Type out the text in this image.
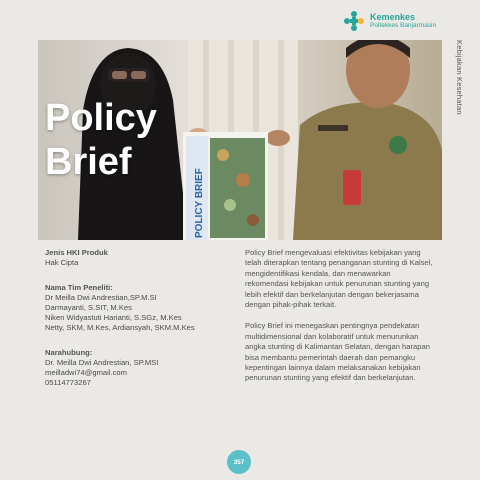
Kemenkes
Poltekkes Banjarmasin
Kebijakan Kesehatan
POLICY BRIEF
Policy
Brief
Jenis HKI Produk
Hak Cipta
Nama Tim Peneliti:
Dr Meilla Dwi Andrestian,SP.M.SI
Darmayanti, S.SIT, M.Kes
Niken Widyastuti Harianti, S.SGz, M.Kes
Netty, SKM, M.Kes, Ardiansyah, SKM.M.Kes
Narahubung:
Dr. Meilla Dwi Andrestian, SP.MSI
meilladwi74@gmail.com
05114773267

Policy Brief mengevaluasi efektivitas kebijakan yang telah diterapkan tentang penanganan stunting di Kalsel, mengidentifikasi kendala, dan menawarkan rekomendasi kebijakan untuk penurunan stunting yang lebih efektif dan berkelanjutan dengan bekerjasama dengan pihak-pihak terkait.

Policy Brief ini menegaskan pentingnya pendekatan multidimensional dan kolaboratif untuk menurunkan angka stunting di Kalimantan Selatan, dengan harapan bisa membantu pemerintah daerah dan pemangku kepentingan lainnya dalam melaksanakan kebijakan penurunan stunting yang efektif dan berkelanjutan.

357
